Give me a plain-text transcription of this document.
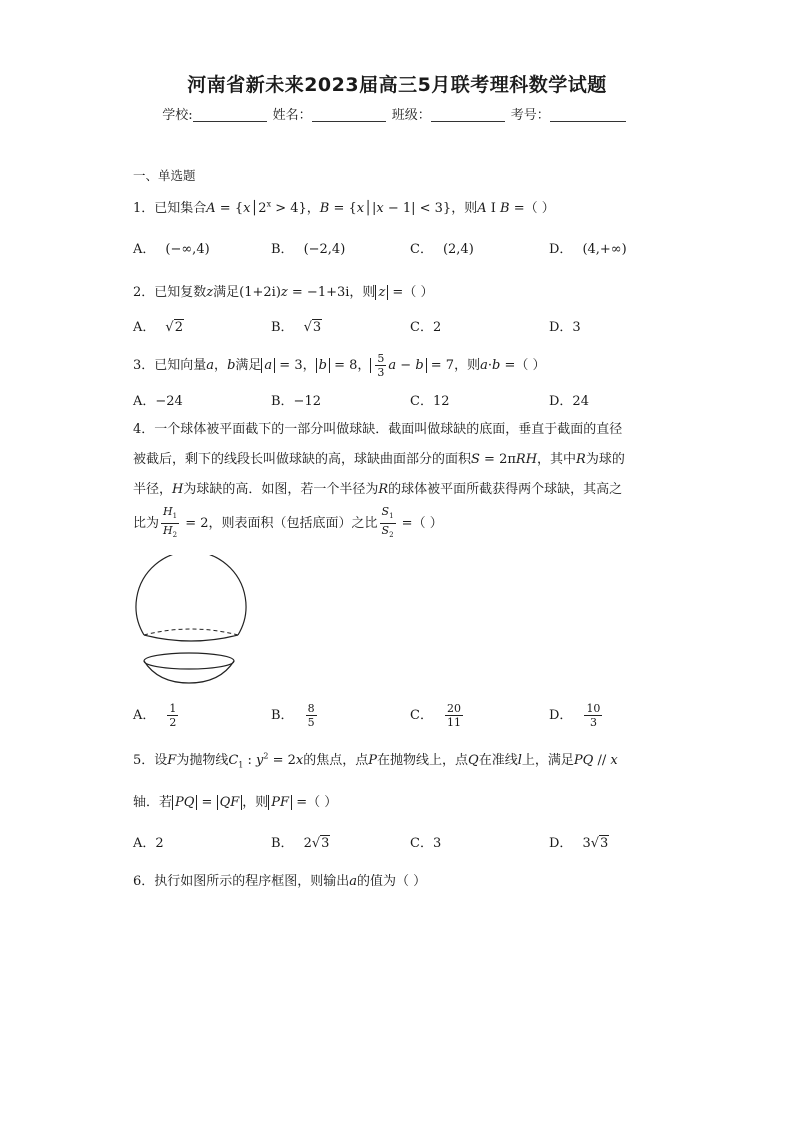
河南省新未来2023届高三5月联考理科数学试题
学校:	姓名：	班级：	考号：
一、单选题
1．已知集合$A = \{x│2^x > 4\}$，B = {x│|x − 1| < 3}，则A I B =（ ）
A． (−∞,4)	B． (−2,4)	C． (2,4)	D． (4,+∞)
2．已知复数z满足(1+2i)z = −1+3i，则 z =（ ）
A． √2	B． √3	C．2	D．3
3．已知向量a，b满足 a = 3， b = 8， $\frac{5}{3}$ a − b = 7，则a·b =（ ）
A．−24	B．−12	C．12	D．24
4．一个球体被平面截下的一部分叫做球缺．截面叫做球缺的底面，垂直于截面的直径
被截后，剩下的线段长叫做球缺的高，球缺曲面部分的面积S = 2πRH，其中R为球的
半径，H为球缺的高．如图，若一个半径为R的球体被平面所截获得两个球缺，其高之
比为 $\frac{H_1}{H_2} = 2$，则表面积（包括底面）之比 $\frac{S_1}{S_2}$ =（ ）
A． $\frac{1}{2}$	B． $\frac{8}{5}$	C． $\frac{20}{11}$	D． $\frac{10}{3}$
5．设F为抛物线$C_1$ : $y^2 = 2x$的焦点，点P在抛物线上，点Q在准线l上，满足PQ // x
轴．若 PQ = QF ，则 PF =（ ）
A．2	B． 2√3	C．3	D． 3√3
6．执行如图所示的程序框图，则输出a的值为（ ）
